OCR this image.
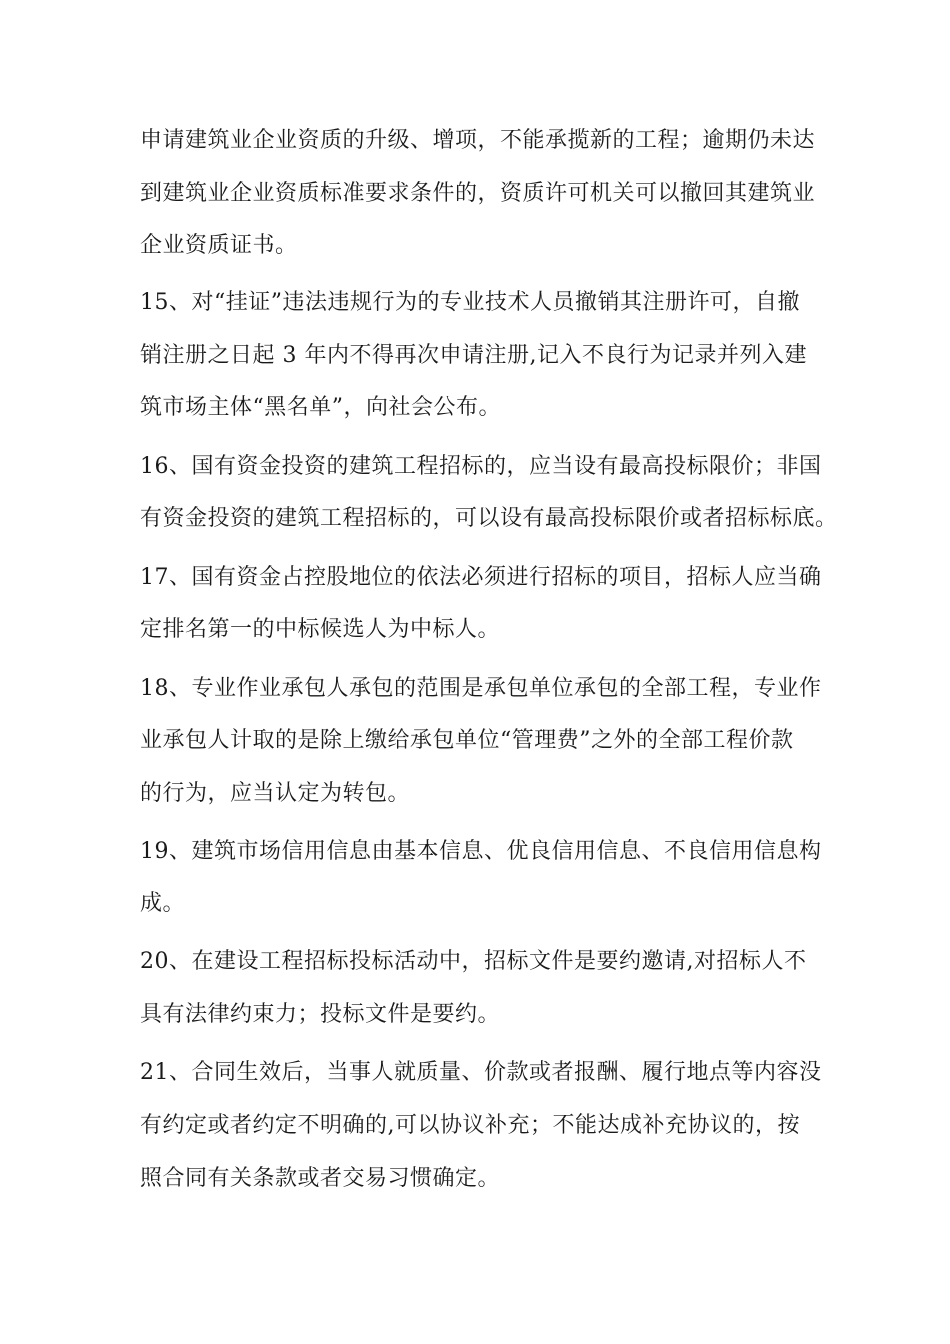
申请建筑业企业资质的升级、增项，不能承揽新的工程；逾期仍未达
到建筑业企业资质标准要求条件的，资质许可机关可以撤回其建筑业
企业资质证书。
15、对“挂证”违法违规行为的专业技术人员撤销其注册许可，自撤
销注册之日起 3 年内不得再次申请注册,记入不良行为记录并列入建
筑市场主体“黑名单”，向社会公布。
16、国有资金投资的建筑工程招标的，应当设有最高投标限价；非国
有资金投资的建筑工程招标的，可以设有最高投标限价或者招标标底。
17、国有资金占控股地位的依法必须进行招标的项目，招标人应当确
定排名第一的中标候选人为中标人。
18、专业作业承包人承包的范围是承包单位承包的全部工程，专业作
业承包人计取的是除上缴给承包单位“管理费”之外的全部工程价款
的行为，应当认定为转包。
19、建筑市场信用信息由基本信息、优良信用信息、不良信用信息构
成。
20、在建设工程招标投标活动中，招标文件是要约邀请,对招标人不
具有法律约束力；投标文件是要约。
21、合同生效后，当事人就质量、价款或者报酬、履行地点等内容没
有约定或者约定不明确的,可以协议补充；不能达成补充协议的，按
照合同有关条款或者交易习惯确定。
